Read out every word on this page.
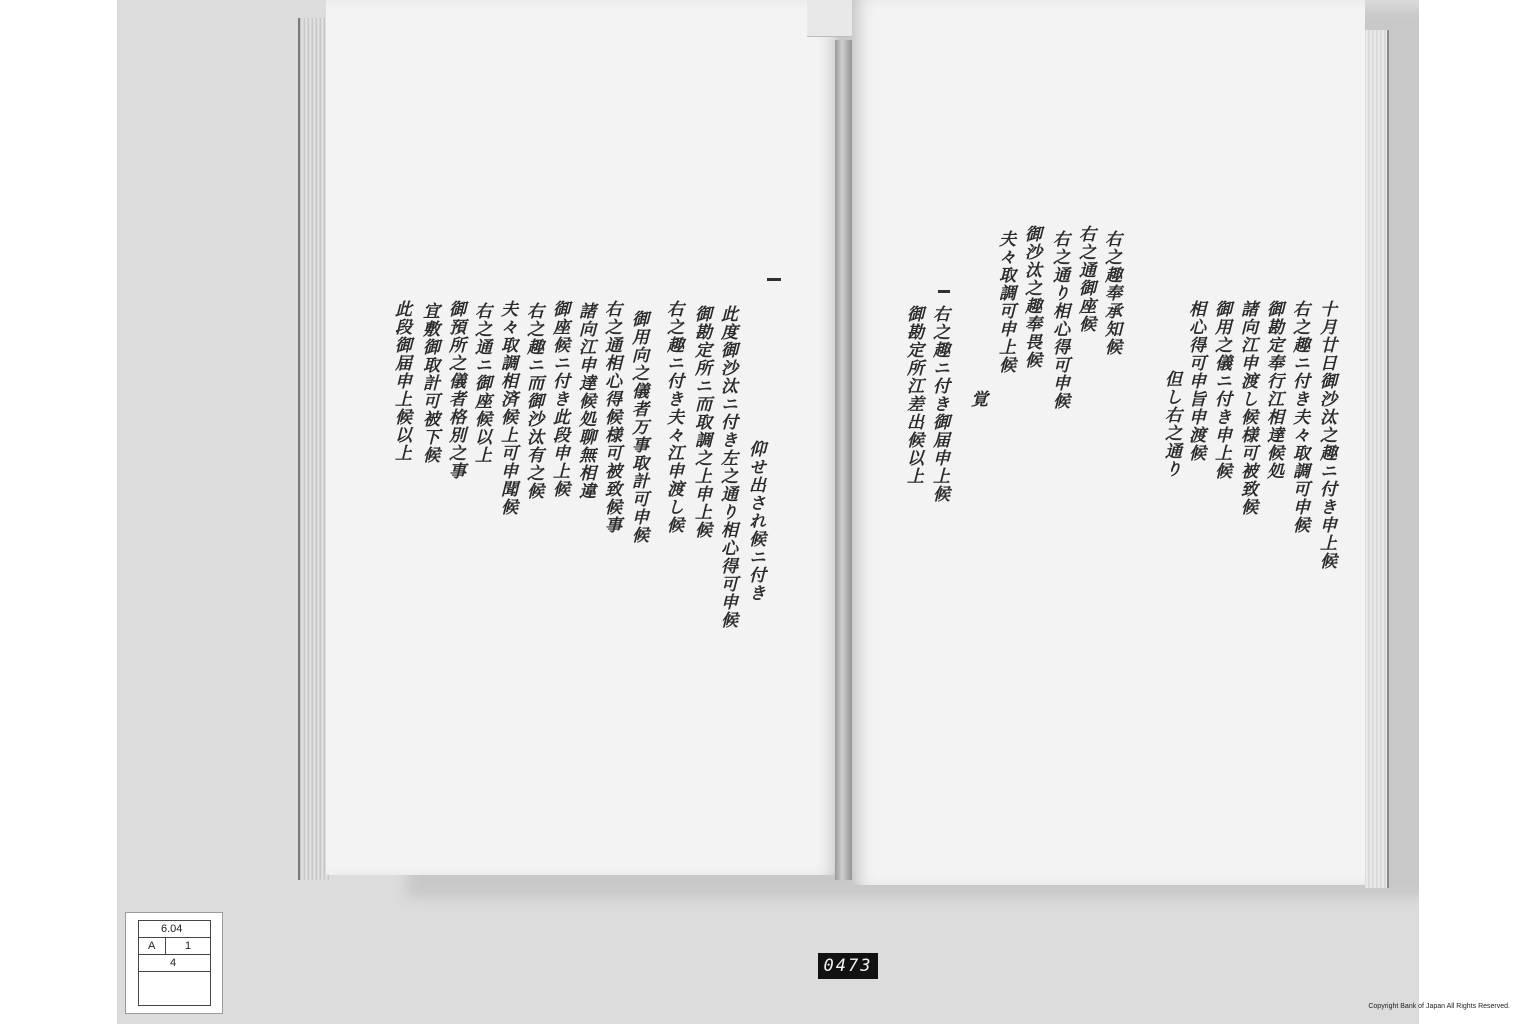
仰せ出され候ニ付き
此度御沙汰ニ付き左之通り相心得可申候
御勘定所ニ而取調之上申上候
右之趣ニ付き夫々江申渡し候
御用向之儀者万事取計可申候
右之通相心得候様可被致候事
諸向江申達候処聊無相違
御座候ニ付き此段申上候
右之趣ニ而御沙汰有之候
夫々取調相済候上可申聞候
右之通ニ御座候以上
御預所之儀者格別之事
宜敷御取計可被下候
此段御届申上候以上	十月廿日御沙汰之趣ニ付き申上候
右之趣ニ付き夫々取調可申候
御勘定奉行江相達候処
諸向江申渡し候様可被致候
御用之儀ニ付き申上候
相心得可申旨申渡候
但し右之通り
右之趣奉承知候
右之通御座候
右之通り相心得可申候
御沙汰之趣奉畏候
夫々取調可申上候
覚
右之趣ニ付き御届申上候
御勘定所江差出候以上
6.04
A	1
4	0473
Copyright Bank of Japan All Rights Reserved.
